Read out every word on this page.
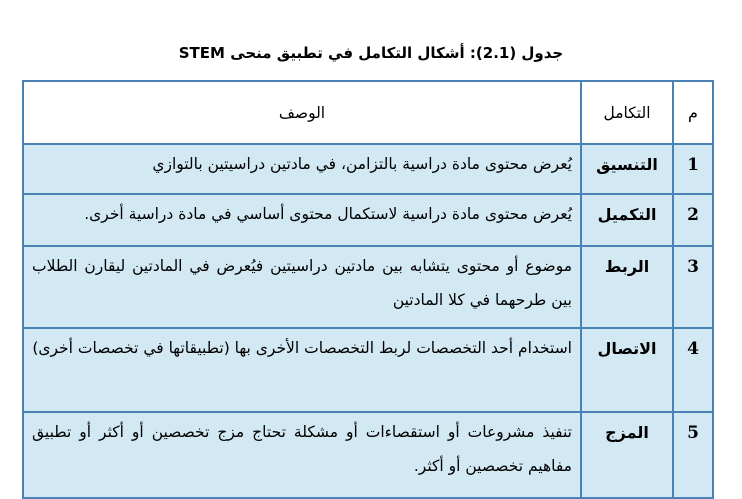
جدول (2.1): أشكال التكامل في تطبيق منحى STEM
م	التكامل	الوصف
1	التنسيق	يُعرض محتوى مادة دراسية بالتزامن، في مادتين دراسيتين بالتوازي
2	التكميل	يُعرض محتوى مادة دراسية لاستكمال محتوى أساسي في مادة دراسية أخرى.
3	الربط	موضوع أو محتوى يتشابه بين مادتين دراسيتين فيُعرض في المادتين ليقارن الطلاب بين طرحهما في كلا المادتين
4	الاتصال	استخدام أحد التخصصات لربط التخصصات الأخرى بها (تطبيقاتها في تخصصات أخرى)
5	المزج	تنفيذ مشروعات أو استقصاءات أو مشكلة تحتاج مزج تخصصين أو أكثر أو تطبيق مفاهيم تخصصين أو أكثر.
